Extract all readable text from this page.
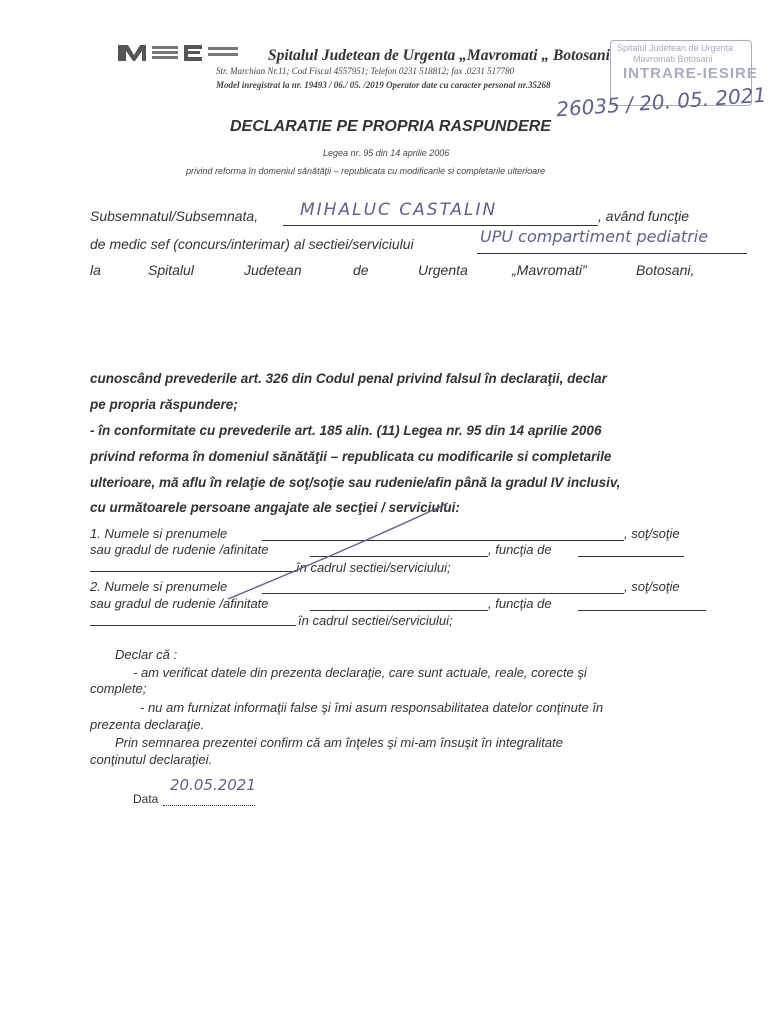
Spitalul Judetean de Urgenta „Mavromati „ Botosani
Str. Marchian Nr.11; Cod Fiscal 4557951; Telefon 0231 518812; fax .0231 517780
Model inregistrat la nr. 19493 / 06./ 05. /2019 Operator date cu caracter personal nr.35268
Spitalul Judetean de Urgenta
Mavromati Botosani
INTRARE-IESIRE
26035 / 20. 05. 2021
DECLARATIE PE PROPRIA RASPUNDERE
Legea nr. 95 din 14 aprilie 2006
privind reforma în domeniul sănătăţii – republicata cu modificarile si completarile ulterioare
Subsemnatul/Subsemnata, MIHALUC CASTALIN	, având funcţie
de medic sef (concurs/interimar) al sectiei/serviciului	UPU compartiment pediatrie
la	Spitalul	Judetean	de	Urgenta	„Mavromati”	Botosani,
cunoscând prevederile art. 326 din Codul penal privind falsul în declaraţii, declar
pe propria răspundere;
- în conformitate cu prevederile art. 185 alin. (11) Legea nr. 95 din 14 aprilie 2006
privind reforma în domeniul sănătăţii – republicata cu modificarile si completarile
ulterioare, mă aflu în relaţie de soţ/soţie sau rudenie/afin până la gradul IV inclusiv,
cu următoarele persoane angajate ale secţiei / serviciului:
1. Numele si prenumele	, soţ/soţie
sau gradul de rudenie /afinitate	, funcţia de
în cadrul sectiei/serviciului;
2. Numele si prenumele	, soţ/soţie
sau gradul de rudenie /afinitate	, funcţia de
în cadrul sectiei/serviciului;
Declar că :
- am verificat datele din prezenta declaraţie, care sunt actuale, reale, corecte şi
complete;
- nu am furnizat informaţii false şi îmi asum responsabilitatea datelor conţinute în
prezenta declaraţie.
Prin semnarea prezentei confirm că am înţeles şi mi-am însuşit în integralitate
conţinutul declaraţiei.
Data
20.05.2021
